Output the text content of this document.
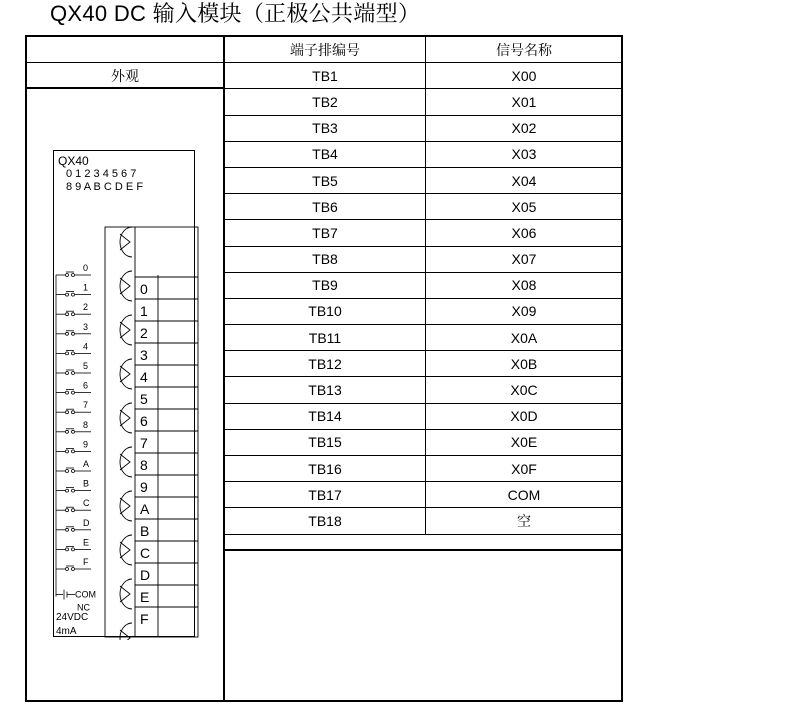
QX40 DC 输入模块（正极公共端型）
外观
端子排编号	信号名称
TB1	X00
TB2	X01
TB3	X02
TB4	X03
TB5	X04
TB6	X05
TB7	X06
TB8	X07
TB9	X08
TB10	X09
TB11	X0A
TB12	X0B
TB13	X0C
TB14	X0D
TB15	X0E
TB16	X0F
TB17	COM
TB18	空
QX40
0 1 2 3 4 5 6 7
8 9 A B C D E F
24VDC
4mA
0
1
2
3
4
5
6
7
8
9
A
B
C
D
E
F
COM
NC
0
1
2
3
4
5
6
7
8
9
A
B
C
D
E
F
